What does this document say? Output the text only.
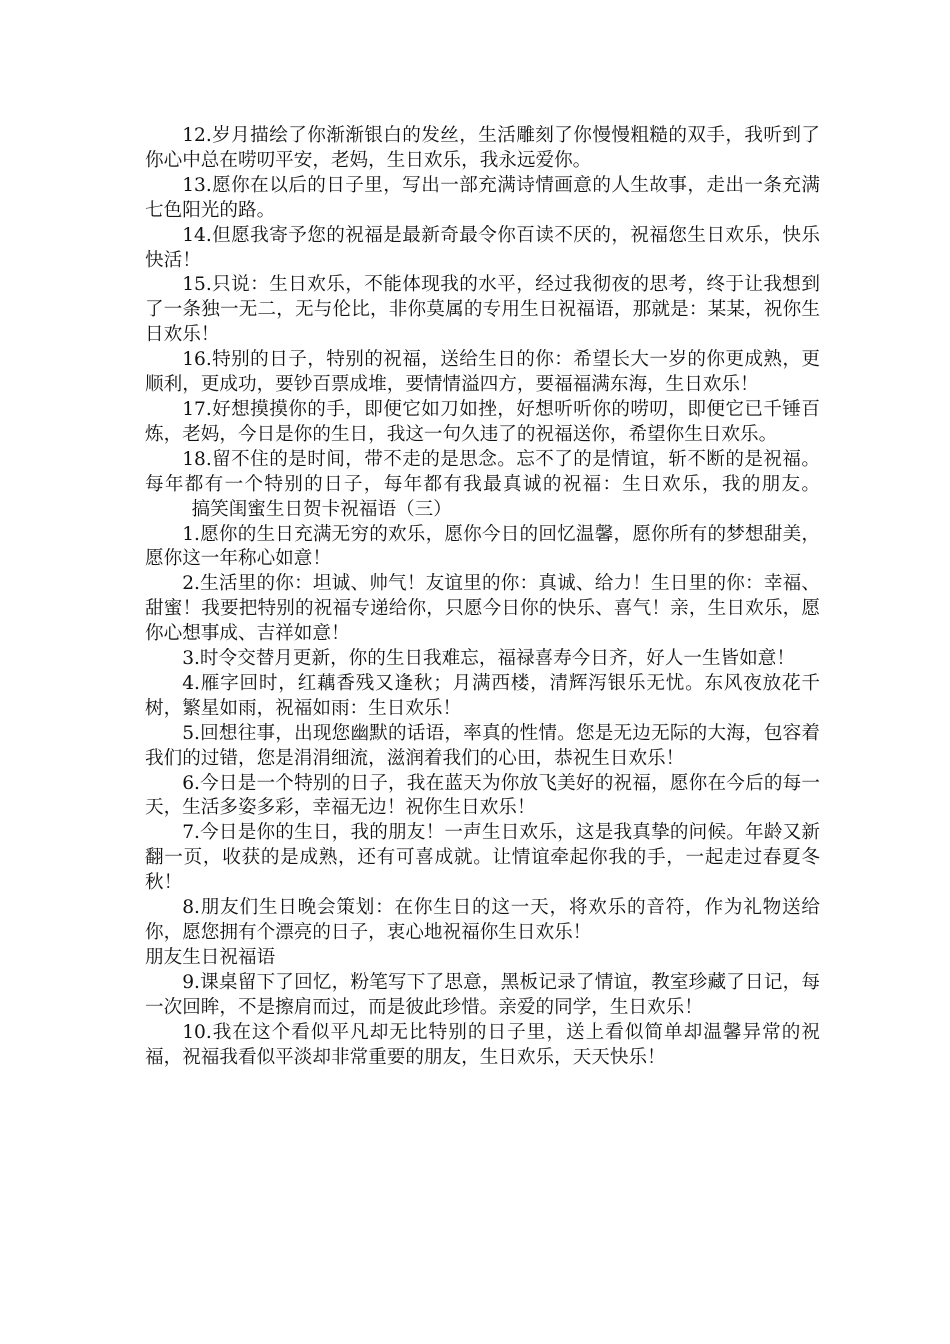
12.岁月描绘了你渐渐银白的发丝，生活雕刻了你慢慢粗糙的双手，我听到了你心中总在唠叨平安，老妈，生日欢乐，我永远爱你。

13.愿你在以后的日子里，写出一部充满诗情画意的人生故事，走出一条充满七色阳光的路。

14.但愿我寄予您的祝福是最新奇最令你百读不厌的，祝福您生日欢乐，快乐快活！

15.只说：生日欢乐，不能体现我的水平，经过我彻夜的思考，终于让我想到了一条独一无二，无与伦比，非你莫属的专用生日祝福语，那就是：某某，祝你生日欢乐！

16.特别的日子，特别的祝福，送给生日的你：希望长大一岁的你更成熟，更顺利，更成功，要钞百票成堆，要情情溢四方，要福福满东海，生日欢乐！

17.好想摸摸你的手，即便它如刀如挫，好想听听你的唠叨，即便它已千锤百炼，老妈，今日是你的生日，我这一句久违了的祝福送你，希望你生日欢乐。

18.留不住的是时间，带不走的是思念。忘不了的是情谊，斩不断的是祝福。每年都有一个特别的日子，每年都有我最真诚的祝福：生日欢乐，我的朋友。搞笑闺蜜生日贺卡祝福语（三）

1.愿你的生日充满无穷的欢乐，愿你今日的回忆温馨，愿你所有的梦想甜美，愿你这一年称心如意！

2.生活里的你：坦诚、帅气！友谊里的你：真诚、给力！生日里的你：幸福、甜蜜！我要把特别的祝福专递给你，只愿今日你的快乐、喜气！亲，生日欢乐，愿你心想事成、吉祥如意！

3.时令交替月更新，你的生日我难忘，福禄喜寿今日齐，好人一生皆如意！

4.雁字回时，红藕香残又逢秋；月满西楼，清辉泻银乐无忧。东风夜放花千树，繁星如雨，祝福如雨：生日欢乐！

5.回想往事，出现您幽默的话语，率真的性情。您是无边无际的大海，包容着我们的过错，您是涓涓细流，滋润着我们的心田，恭祝生日欢乐！

6.今日是一个特别的日子，我在蓝天为你放飞美好的祝福，愿你在今后的每一天，生活多姿多彩，幸福无边！祝你生日欢乐！

7.今日是你的生日，我的朋友！一声生日欢乐，这是我真挚的问候。年龄又新翻一页，收获的是成熟，还有可喜成就。让情谊牵起你我的手，一起走过春夏冬秋！

8.朋友们生日晚会策划：在你生日的这一天，将欢乐的音符，作为礼物送给你，愿您拥有个漂亮的日子，衷心地祝福你生日欢乐！

朋友生日祝福语

9.课桌留下了回忆，粉笔写下了思意，黑板记录了情谊，教室珍藏了日记，每一次回眸，不是擦肩而过，而是彼此珍惜。亲爱的同学，生日欢乐！

10.我在这个看似平凡却无比特别的日子里，送上看似简单却温馨异常的祝福，祝福我看似平淡却非常重要的朋友，生日欢乐，天天快乐！
